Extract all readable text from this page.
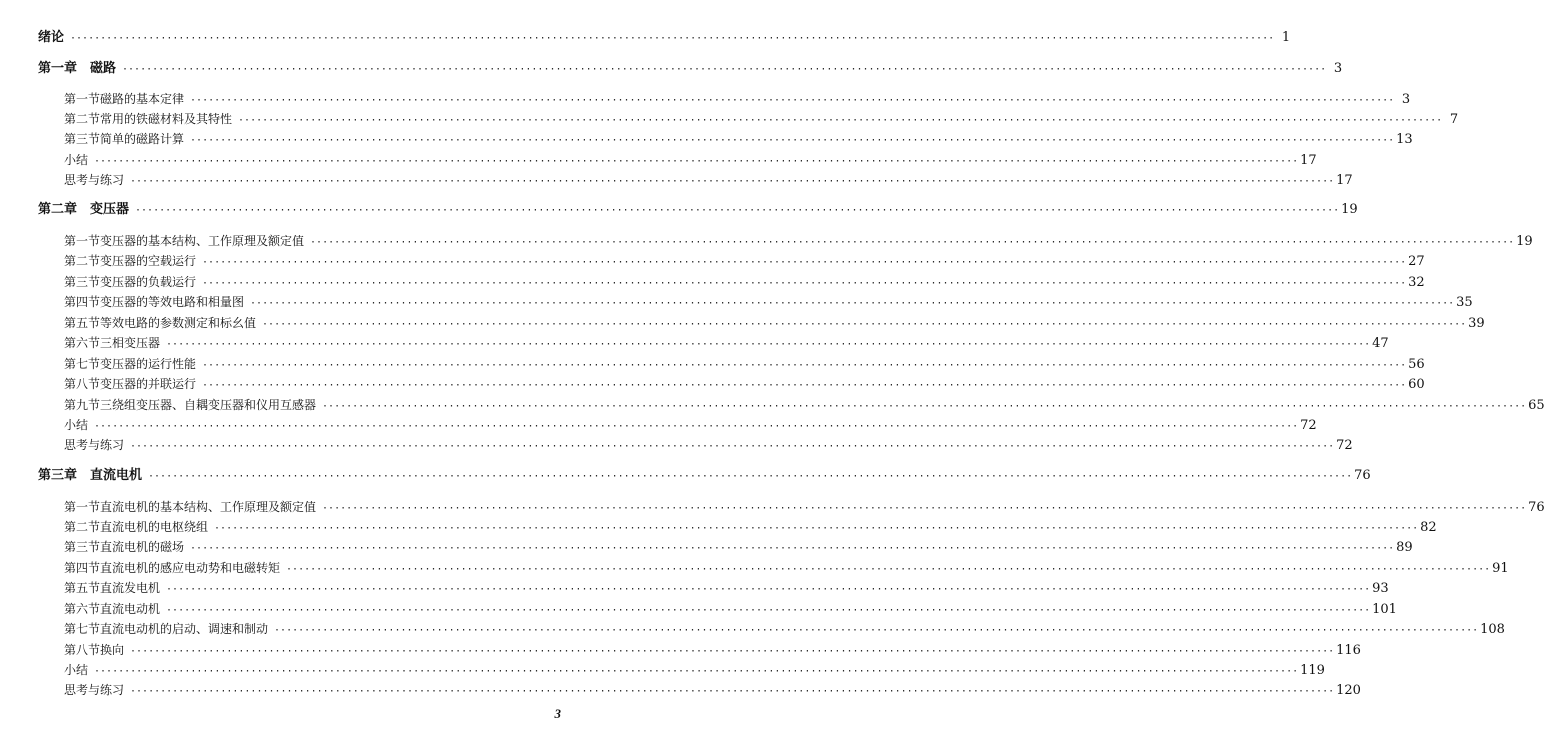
绪论 ········································································································································································································ 1
第一章　磁路 ········································································································································································································ 3
第一节 磁路的基本定律 ········································································································································································································ 3
第二节 常用的铁磁材料及其特性 ········································································································································································································ 7
第三节 简单的磁路计算 ········································································································································································································ 13
小结 ········································································································································································································ 17
思考与练习 ········································································································································································································ 17
第二章　变压器 ········································································································································································································ 19
第一节 变压器的基本结构、工作原理及额定值 ········································································································································································································ 19
第二节 变压器的空载运行 ········································································································································································································ 27
第三节 变压器的负载运行 ········································································································································································································ 32
第四节 变压器的等效电路和相量图 ········································································································································································································ 35
第五节 等效电路的参数测定和标幺值 ········································································································································································································ 39
第六节 三相变压器 ········································································································································································································ 47
第七节 变压器的运行性能 ········································································································································································································ 56
第八节 变压器的并联运行 ········································································································································································································ 60
第九节 三绕组变压器、自耦变压器和仪用互感器 ········································································································································································································ 65
小结 ········································································································································································································ 72
思考与练习 ········································································································································································································ 72
第三章　直流电机 ········································································································································································································ 76
第一节 直流电机的基本结构、工作原理及额定值 ········································································································································································································ 76
第二节 直流电机的电枢绕组 ········································································································································································································ 82
第三节 直流电机的磁场 ········································································································································································································ 89
第四节 直流电机的感应电动势和电磁转矩 ········································································································································································································ 91
第五节 直流发电机 ········································································································································································································ 93
第六节 直流电动机 ········································································································································································································ 101
第七节 直流电动机的启动、调速和制动 ········································································································································································································ 108
第八节 换向 ········································································································································································································ 116
小结 ········································································································································································································ 119
思考与练习 ········································································································································································································ 120
3
